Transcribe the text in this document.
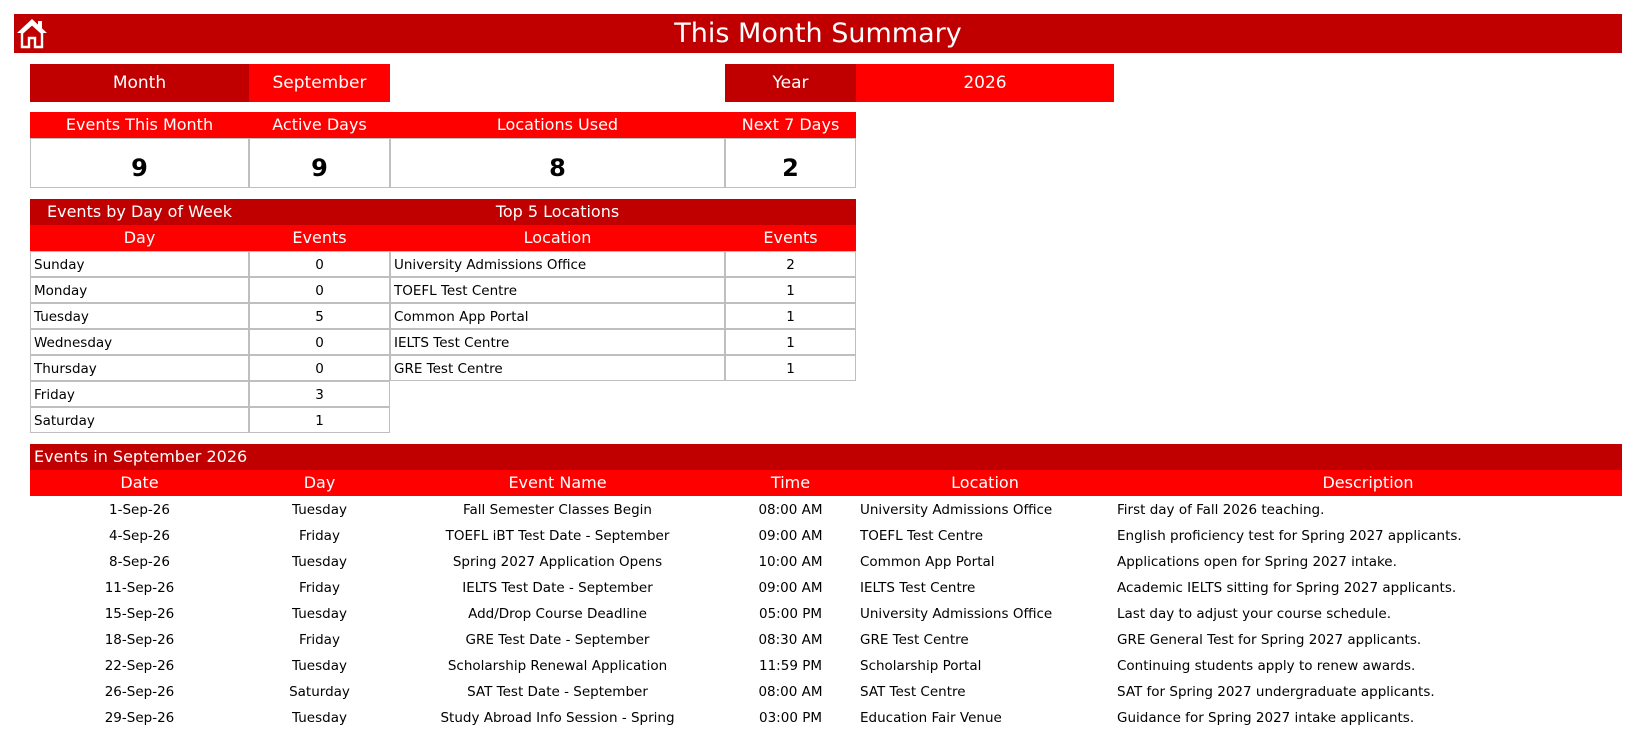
This Month Summary
Month	September	Year	2026
Events This Month	Active Days	Locations Used	Next 7 Days
9	9	8	2
Events by Day of Week	Top 5 Locations
Day	Events	Location	Events
Sunday	0
Monday	0
Tuesday	5
Wednesday	0
Thursday	0
Friday	3
Saturday	1
University Admissions Office	2
TOEFL Test Centre	1
Common App Portal	1
IELTS Test Centre	1
GRE Test Centre	1
Events in September 2026
Date	Day	Event Name	Time	Location	Description
1-Sep-26	Tuesday	Fall Semester Classes Begin	08:00 AM	University Admissions Office	First day of Fall 2026 teaching.
4-Sep-26	Friday	TOEFL iBT Test Date - September	09:00 AM	TOEFL Test Centre	English proficiency test for Spring 2027 applicants.
8-Sep-26	Tuesday	Spring 2027 Application Opens	10:00 AM	Common App Portal	Applications open for Spring 2027 intake.
11-Sep-26	Friday	IELTS Test Date - September	09:00 AM	IELTS Test Centre	Academic IELTS sitting for Spring 2027 applicants.
15-Sep-26	Tuesday	Add/Drop Course Deadline	05:00 PM	University Admissions Office	Last day to adjust your course schedule.
18-Sep-26	Friday	GRE Test Date - September	08:30 AM	GRE Test Centre	GRE General Test for Spring 2027 applicants.
22-Sep-26	Tuesday	Scholarship Renewal Application	11:59 PM	Scholarship Portal	Continuing students apply to renew awards.
26-Sep-26	Saturday	SAT Test Date - September	08:00 AM	SAT Test Centre	SAT for Spring 2027 undergraduate applicants.
29-Sep-26	Tuesday	Study Abroad Info Session - Spring	03:00 PM	Education Fair Venue	Guidance for Spring 2027 intake applicants.
